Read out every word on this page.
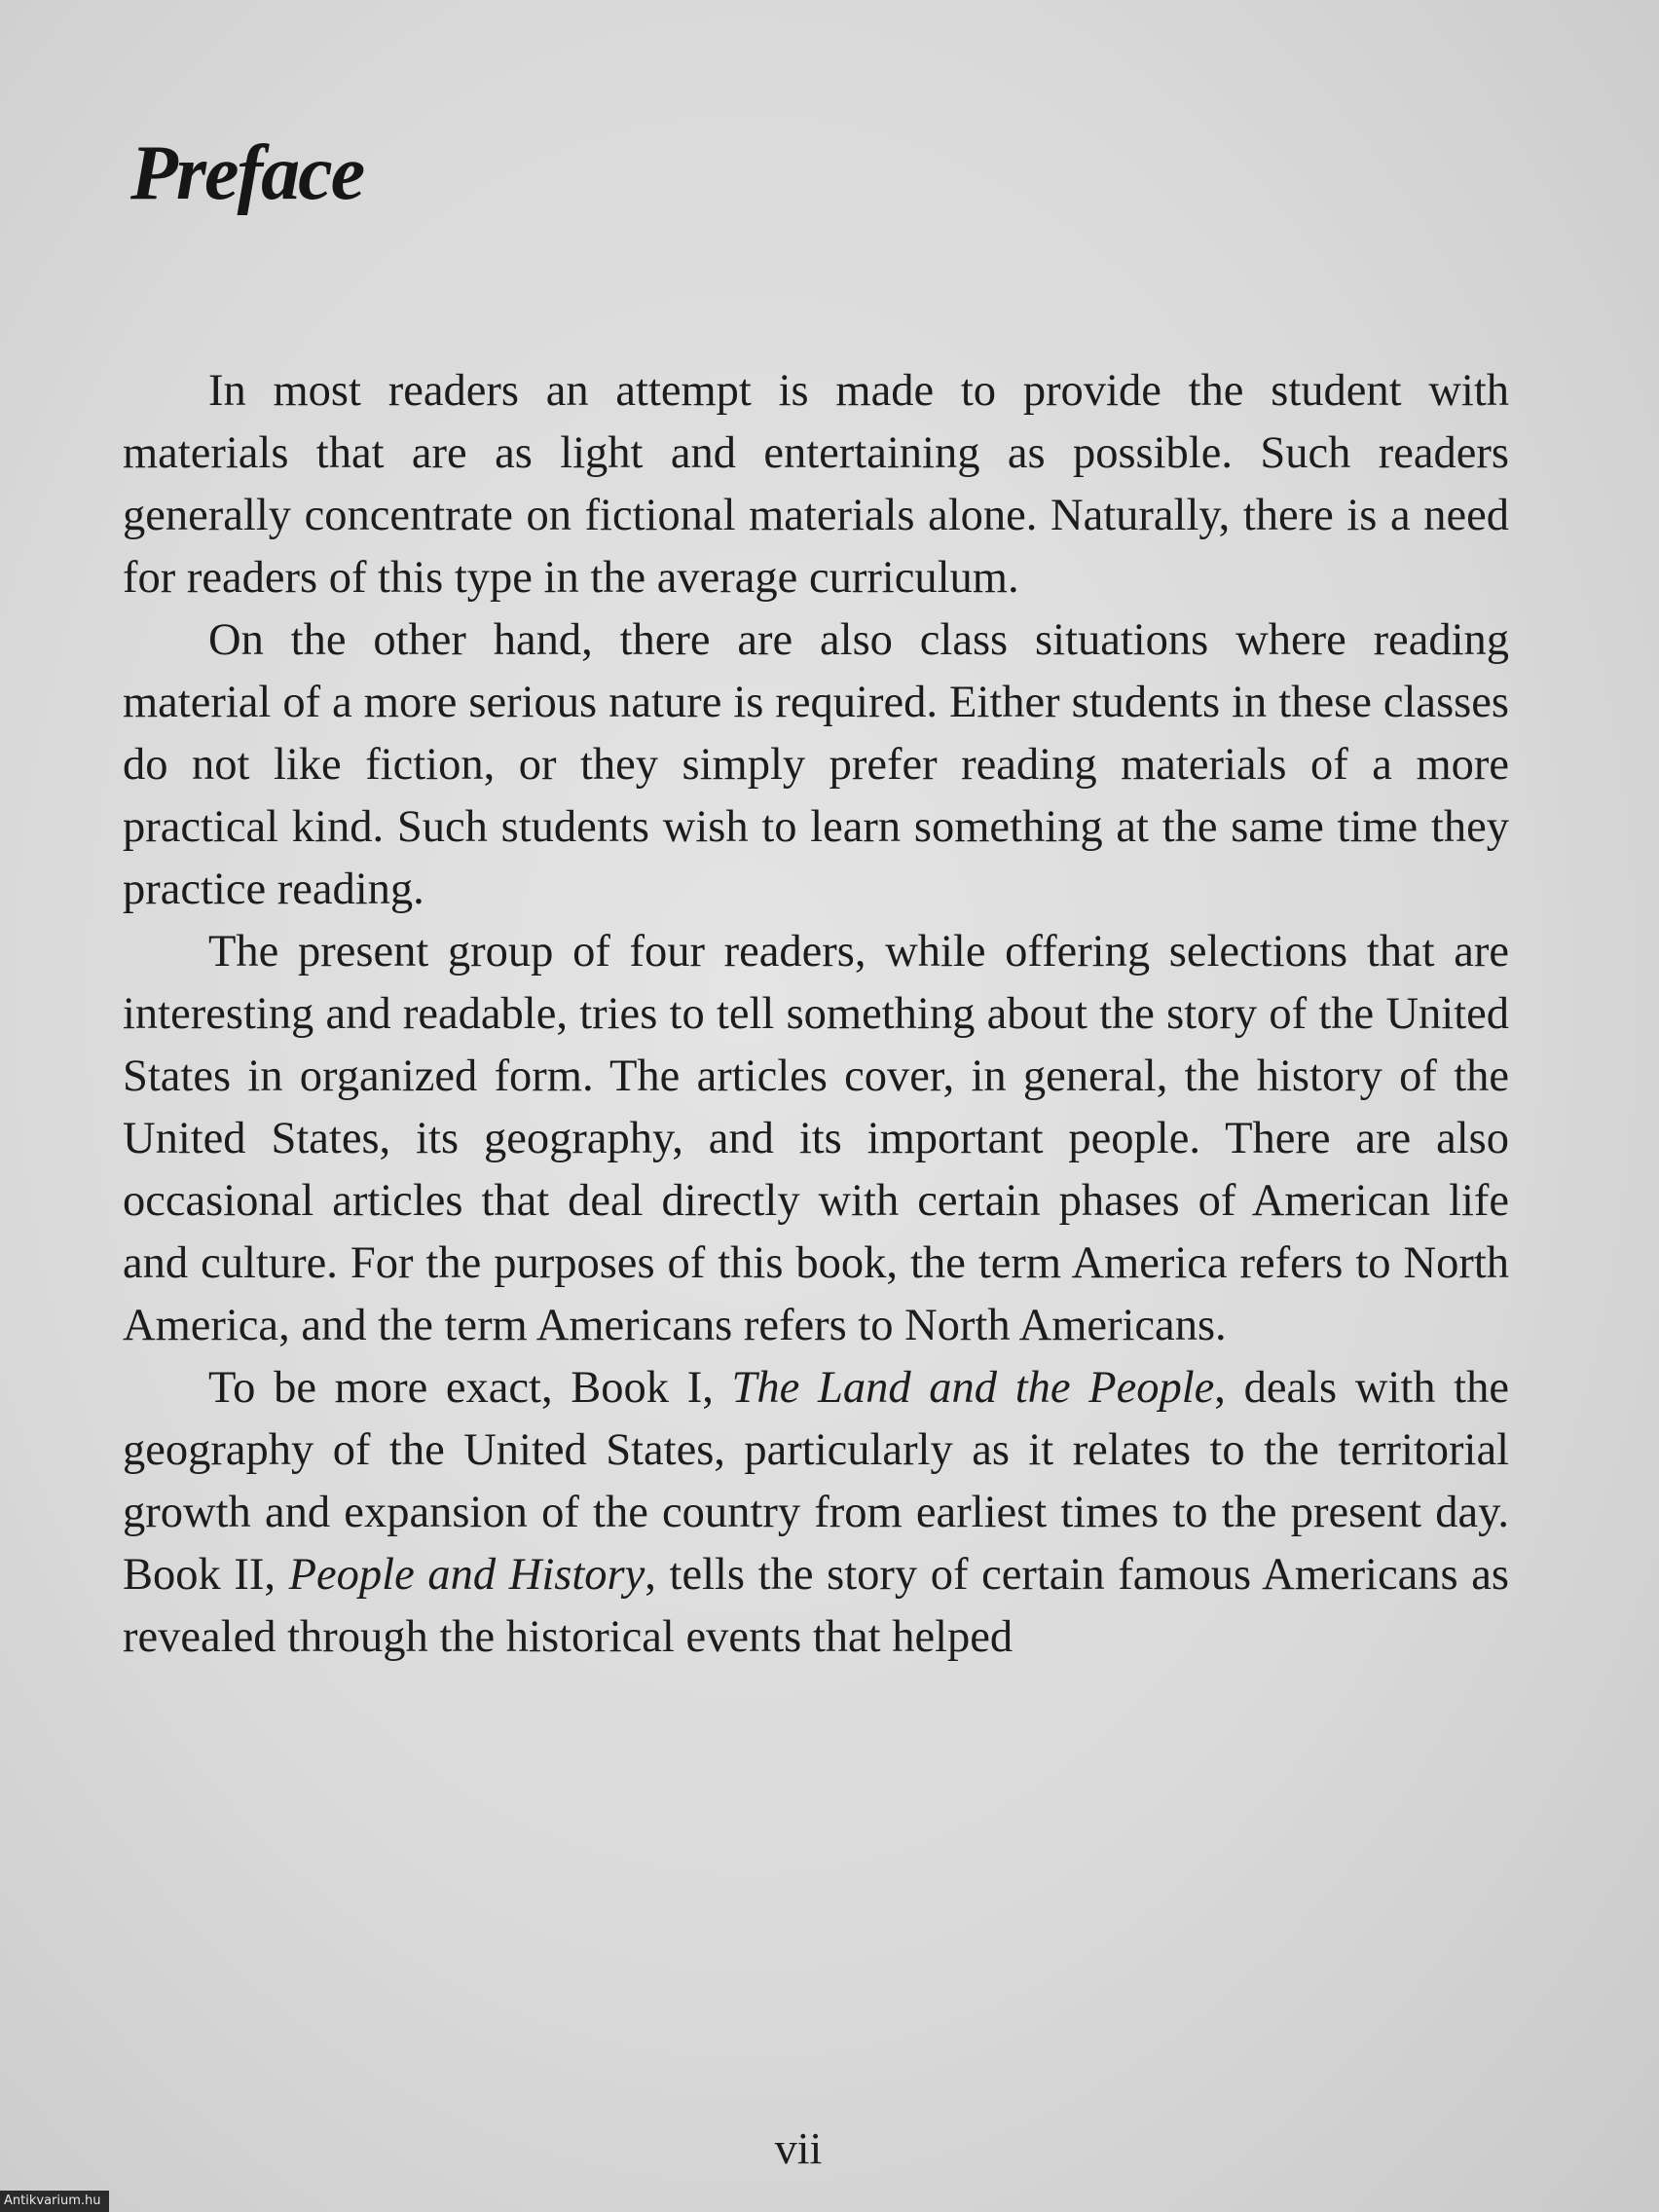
Preface

In most readers an attempt is made to provide the student with materials that are as light and entertaining as possible. Such readers generally concentrate on fictional materials alone. Naturally, there is a need for readers of this type in the average curriculum.

On the other hand, there are also class situations where reading material of a more serious nature is required. Either students in these classes do not like fiction, or they simply prefer reading materials of a more practical kind. Such students wish to learn something at the same time they practice reading.

The present group of four readers, while offering selections that are interesting and readable, tries to tell something about the story of the United States in organized form. The articles cover, in general, the history of the United States, its geography, and its important people. There are also occasional articles that deal directly with certain phases of American life and culture. For the purposes of this book, the term America refers to North America, and the term Americans refers to North Americans.

To be more exact, Book I, The Land and the People, deals with the geography of the United States, particularly as it relates to the territorial growth and expansion of the country from earliest times to the present day. Book II, People and History, tells the story of certain famous Americans as revealed through the historical events that helped

vii
Antikvarium.hu
